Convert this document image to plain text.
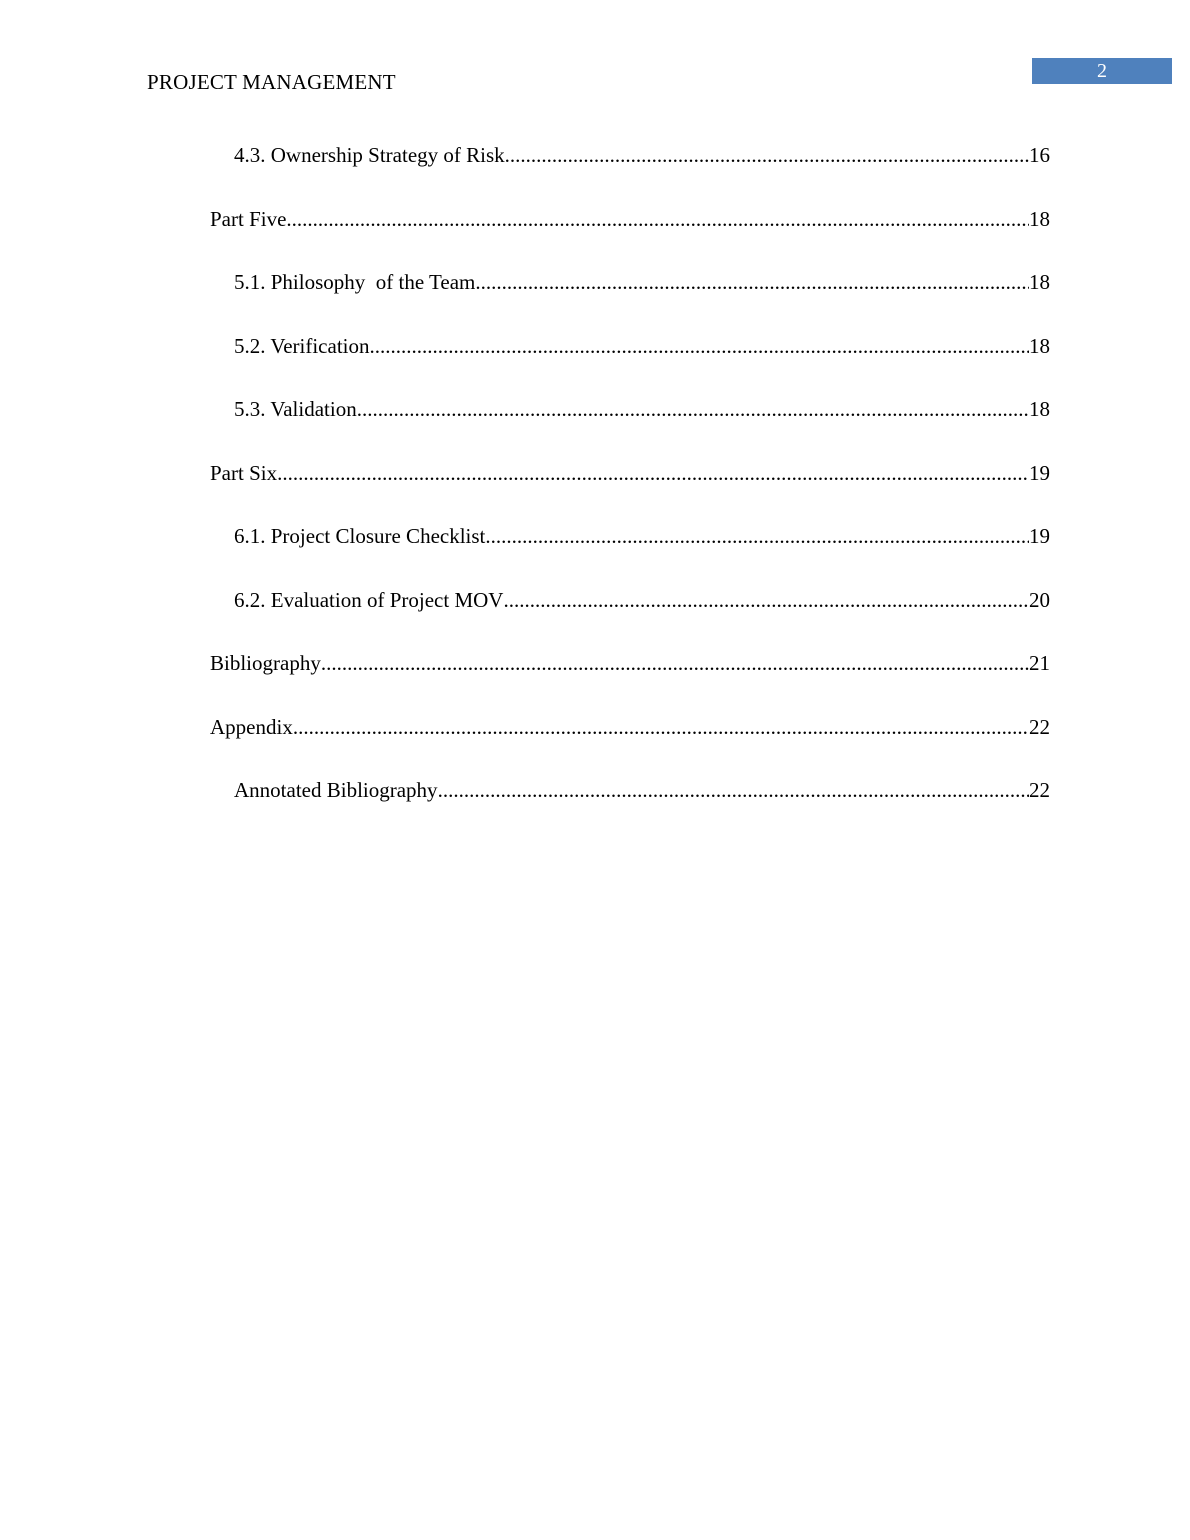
PROJECT MANAGEMENT	2
4.3. Ownership Strategy of Risk .....	16
Part Five .....	18
5.1. Philosophy  of the Team .....	18
5.2. Verification .....	18
5.3. Validation .....	18
Part Six .....	19
6.1. Project Closure Checklist .....	19
6.2. Evaluation of Project MOV .....	20
Bibliography .....	21
Appendix .....	22
Annotated Bibliography .....	22
